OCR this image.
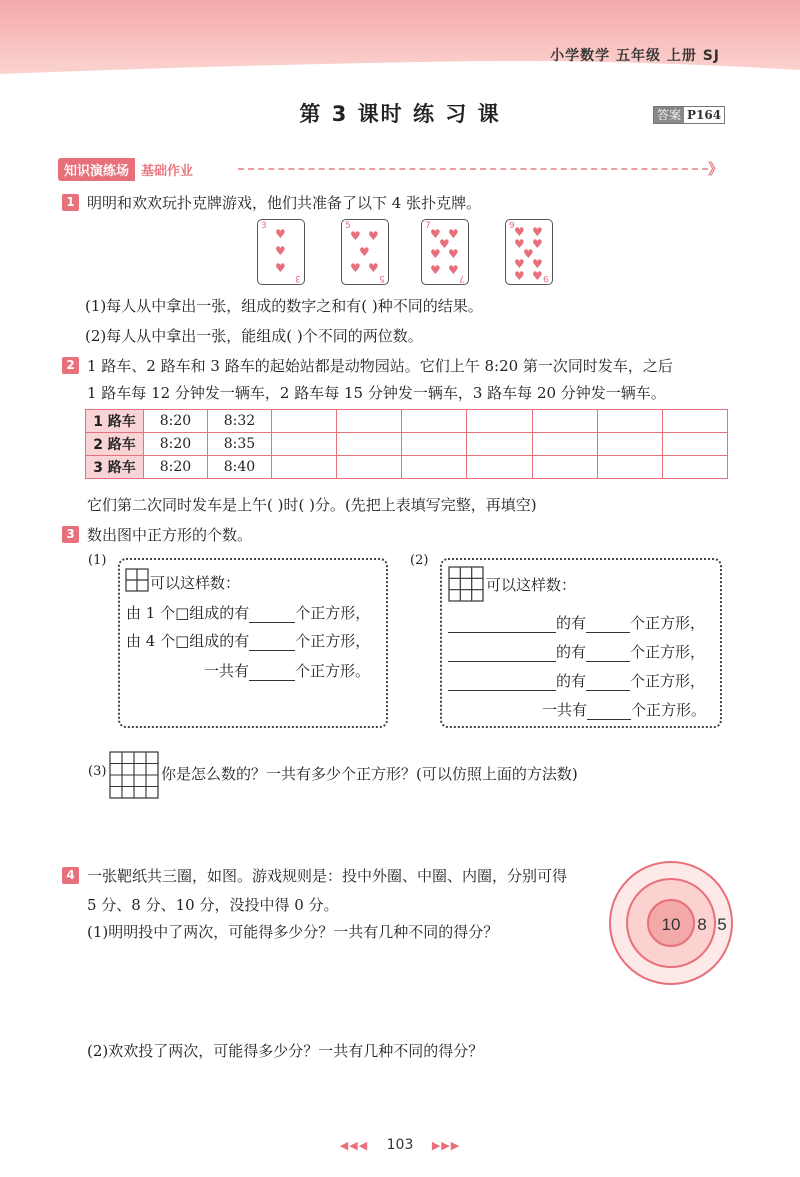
小学数学 五年级 上册 SJ
第 3 课时 练 习 课	答案 P164
知识演练场 基础作业	》
1 明明和欢欢玩扑克牌游戏，他们共准备了以下 4 张扑克牌。
3
3
♥
♥
♥
5
5
♥ ♥
♥
♥ ♥
7
7
♥ ♥
♥
♥ ♥
♥ ♥
9
9
♥ ♥
♥ ♥
♥
♥ ♥
♥ ♥
(1)每人从中拿出一张，组成的数字之和有( )种不同的结果。
(2)每人从中拿出一张，能组成( )个不同的两位数。
2 1 路车、2 路车和 3 路车的起始站都是动物园站。它们上午 8:20 第一次同时发车，之后
1 路车每 12 分钟发一辆车，2 路车每 15 分钟发一辆车，3 路车每 20 分钟发一辆车。
1 路车	8:20	8:32							
2 路车	8:20	8:35							
3 路车	8:20	8:40							
它们第二次同时发车是上午( )时( )分。(先把上表填写完整，再填空)
3 数出图中正方形的个数。
(1)
可以这样数：
由 1 个□组成的有	个正方形，
由 4 个□组成的有	个正方形，
一共有	个正方形。
(2)
可以这样数：
的有	个正方形，
的有	个正方形，
的有	个正方形，
一共有	个正方形。
(3)	你是怎么数的？一共有多少个正方形？(可以仿照上面的方法数)
4 一张靶纸共三圈，如图。游戏规则是：投中外圈、中圈、内圈，分别可得
5 分、8 分、10 分，没投中得 0 分。
(1)明明投中了两次，可能得多少分？一共有几种不同的得分？
(2)欢欢投了两次，可能得多少分？一共有几种不同的得分？
10 8 5
◀◀◀ 103 ▶▶▶
